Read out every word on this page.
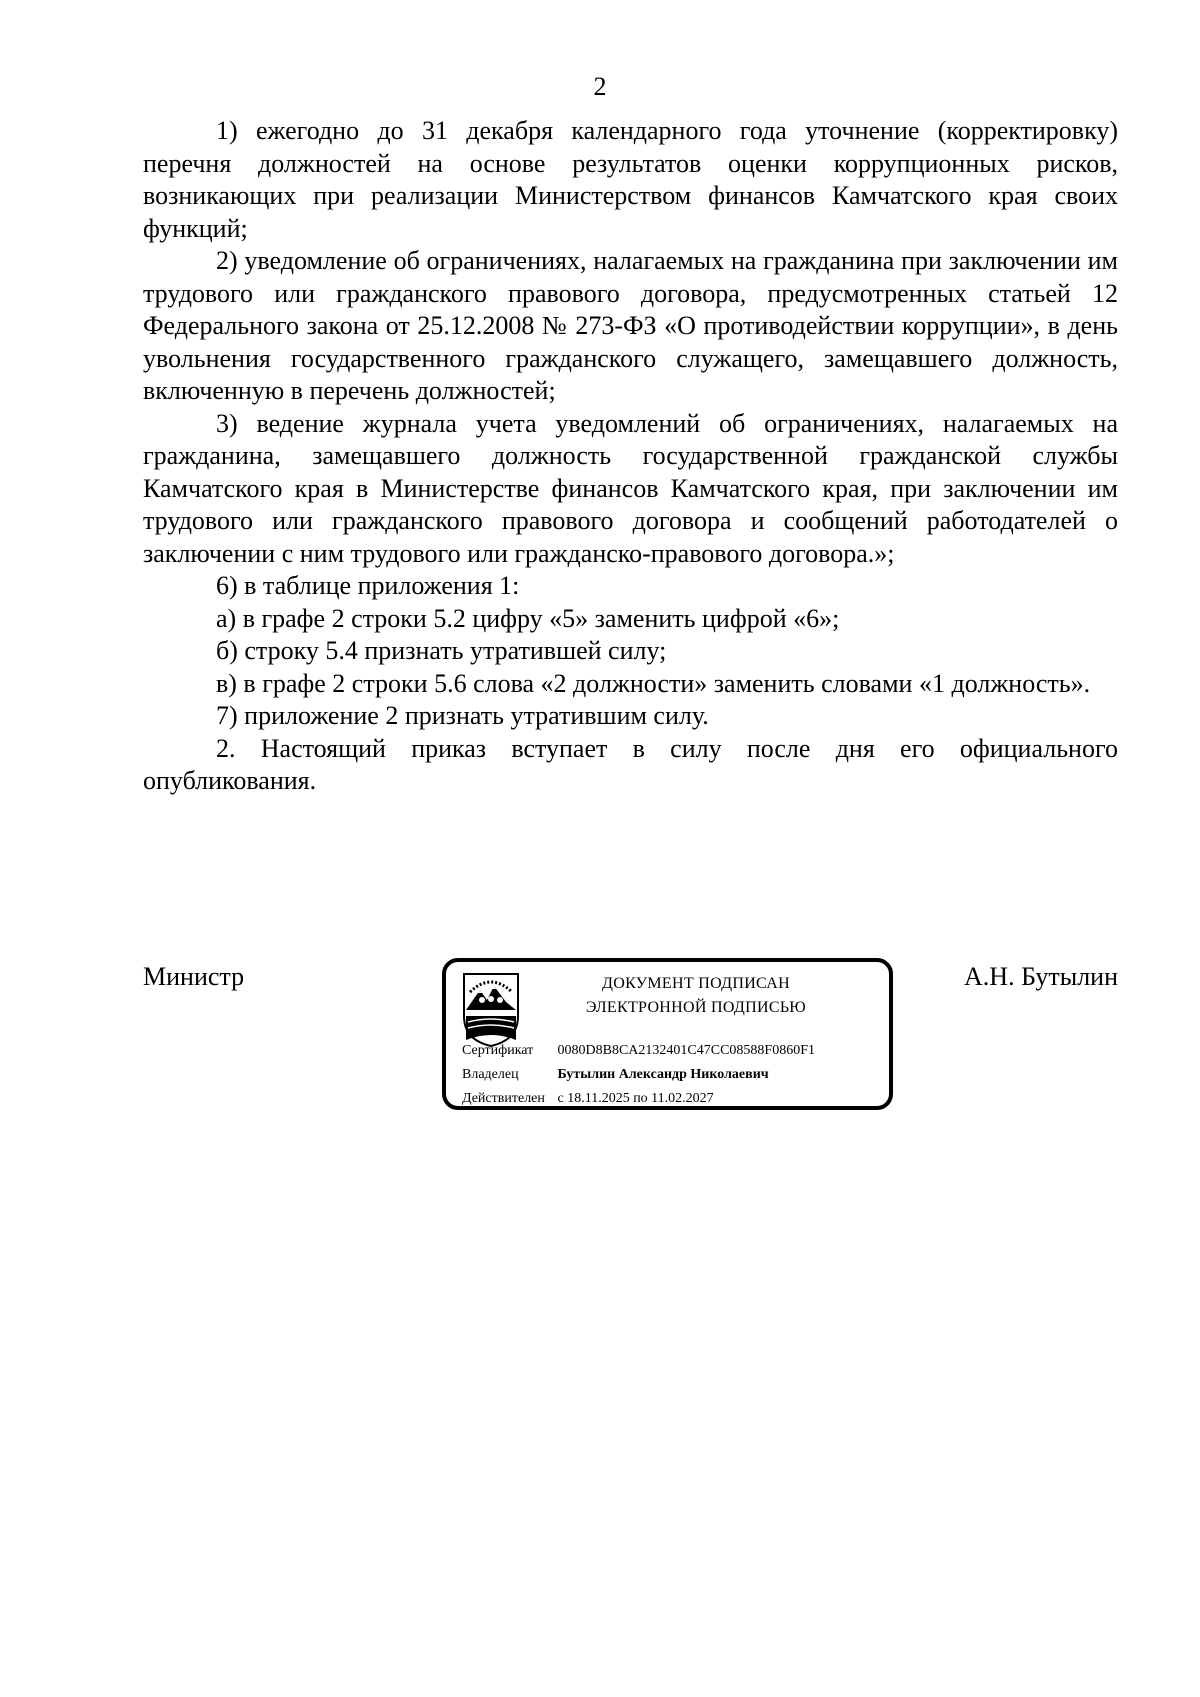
2

1) ежегодно до 31 декабря календарного года уточнение (корректировку) перечня должностей на основе результатов оценки коррупционных рисков, возникающих при реализации Министерством финансов Камчатского края своих функций;

2) уведомление об ограничениях, налагаемых на гражданина при заключении им трудового или гражданского правового договора, предусмотренных статьей 12 Федерального закона от 25.12.2008 № 273-ФЗ «О противодействии коррупции», в день увольнения государственного гражданского служащего, замещавшего должность, включенную в перечень должностей;

3) ведение журнала учета уведомлений об ограничениях, налагаемых на гражданина, замещавшего должность государственной гражданской службы Камчатского края в Министерстве финансов Камчатского края, при заключении им трудового или гражданского правового договора и сообщений работодателей о заключении с ним трудового или гражданско-правового договора.»;

6) в таблице приложения 1:

а) в графе 2 строки 5.2 цифру «5» заменить цифрой «6»;

б) строку 5.4 признать утратившей силу;

в) в графе 2 строки 5.6 слова «2 должности» заменить словами «1 должность».

7) приложение 2 признать утратившим силу.

2. Настоящий приказ вступает в силу после дня его официального опубликования.

Министр	ДОКУМЕНТ ПОДПИСАН
ЭЛЕКТРОННОЙ ПОДПИСЬЮ
Сертификат 0080D8B8CA2132401C47CC08588F0860F1
Владелец	Бутылин Александр Николаевич
Действителен с 18.11.2025 по 11.02.2027
А.Н. Бутылин
